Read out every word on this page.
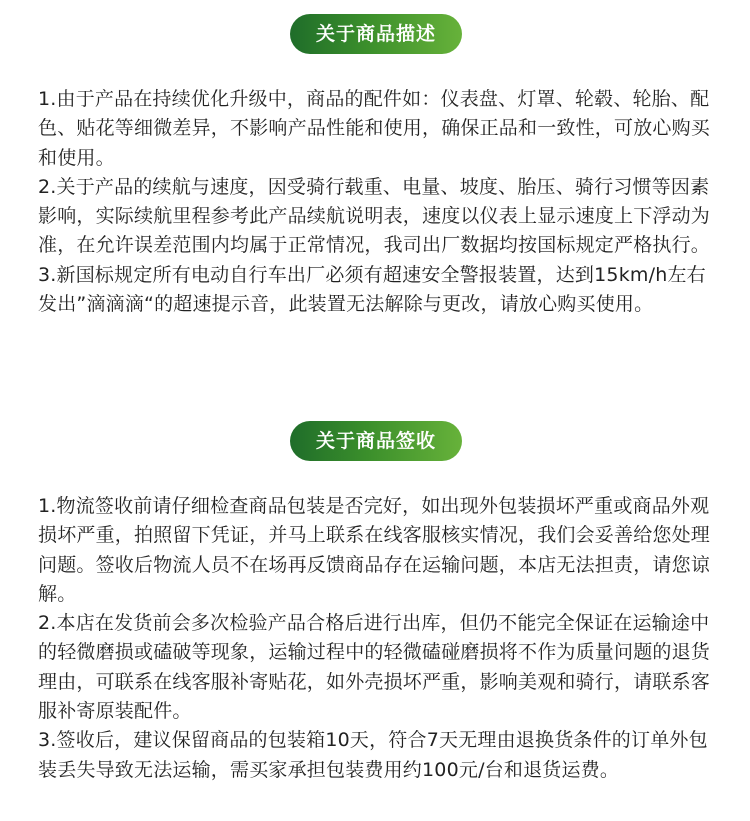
关于商品描述

1.由于产品在持续优化升级中，商品的配件如：仪表盘、灯罩、轮毂、轮胎、配色、贴花等细微差异，不影响产品性能和使用，确保正品和一致性，可放心购买和使用。

2.关于产品的续航与速度，因受骑行载重、电量、坡度、胎压、骑行习惯等因素影响，实际续航里程参考此产品续航说明表，速度以仪表上显示速度上下浮动为准，在允许误差范围内均属于正常情况，我司出厂数据均按国标规定严格执行。

3.新国标规定所有电动自行车出厂必须有超速安全警报装置，达到15km/h左右发出”滴滴滴“的超速提示音，此装置无法解除与更改，请放心购买使用。

关于商品签收

1.物流签收前请仔细检查商品包装是否完好，如出现外包装损坏严重或商品外观损坏严重，拍照留下凭证，并马上联系在线客服核实情况，我们会妥善给您处理问题。签收后物流人员不在场再反馈商品存在运输问题，本店无法担责，请您谅解。

2.本店在发货前会多次检验产品合格后进行出库，但仍不能完全保证在运输途中的轻微磨损或磕破等现象，运输过程中的轻微磕碰磨损将不作为质量问题的退货理由，可联系在线客服补寄贴花，如外壳损坏严重，影响美观和骑行，请联系客服补寄原装配件。

3.签收后，建议保留商品的包装箱10天，符合7天无理由退换货条件的订单外包装丢失导致无法运输，需买家承担包装费用约100元/台和退货运费。
